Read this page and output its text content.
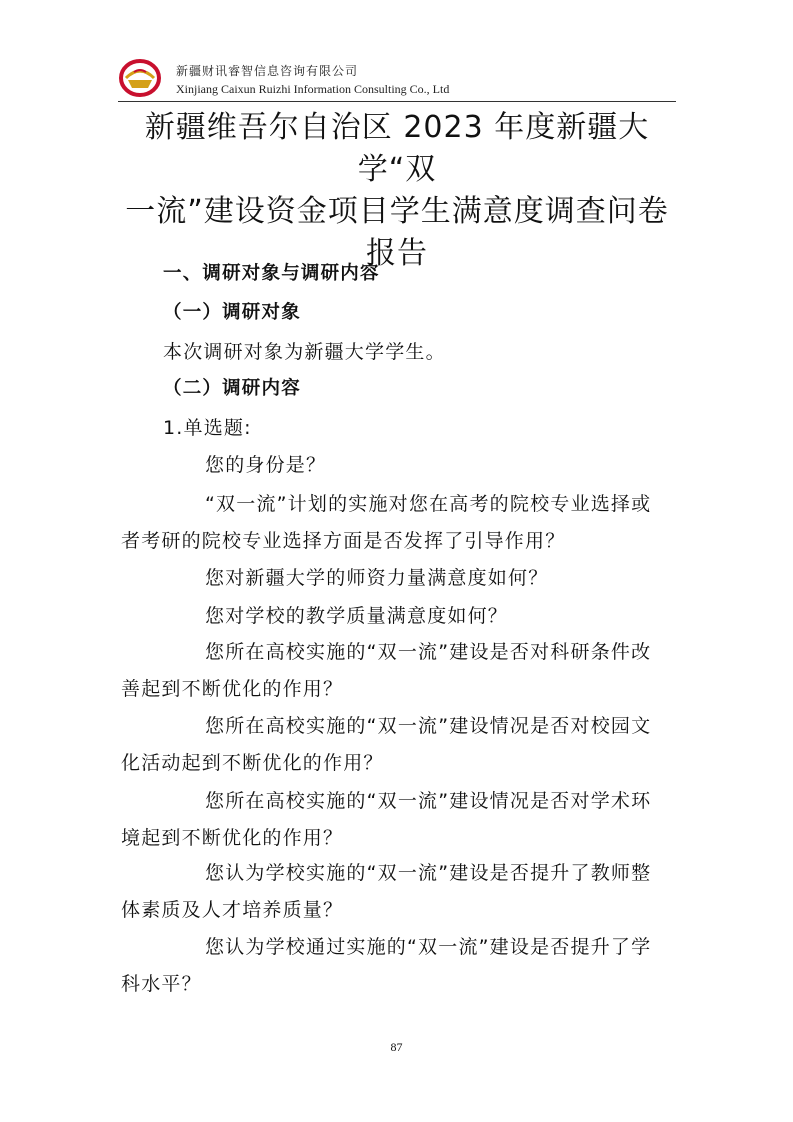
新疆财讯睿智信息咨询有限公司
Xinjiang Caixun Ruizhi Information Consulting Co., Ltd
新疆维吾尔自治区 2023 年度新疆大学“双
一流”建设资金项目学生满意度调查问卷
报告
一、调研对象与调研内容
（一）调研对象
本次调研对象为新疆大学学生。
（二）调研内容
1.单选题:
您的身份是？
“双一流”计划的实施对您在高考的院校专业选择或
者考研的院校专业选择方面是否发挥了引导作用？
您对新疆大学的师资力量满意度如何？
您对学校的教学质量满意度如何？
您所在高校实施的“双一流”建设是否对科研条件改
善起到不断优化的作用？
您所在高校实施的“双一流”建设情况是否对校园文
化活动起到不断优化的作用？
您所在高校实施的“双一流”建设情况是否对学术环
境起到不断优化的作用？
您认为学校实施的“双一流”建设是否提升了教师整
体素质及人才培养质量？
您认为学校通过实施的“双一流”建设是否提升了学
科水平？
87
